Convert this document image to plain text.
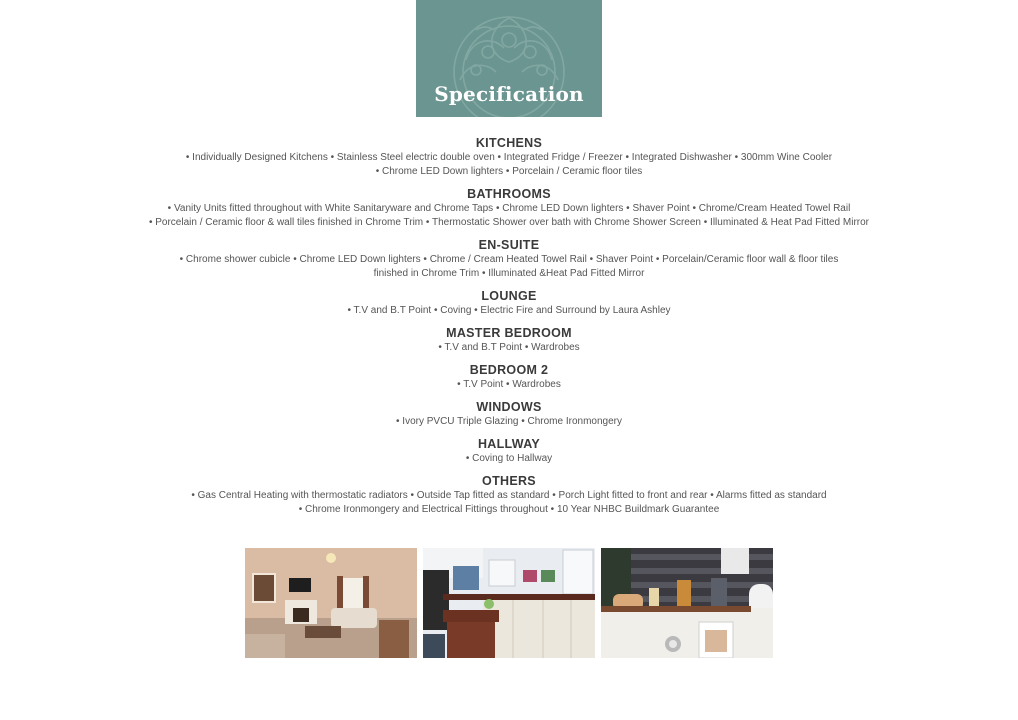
Specification
KITCHENS
• Individually Designed Kitchens • Stainless Steel electric double oven • Integrated Fridge / Freezer • Integrated Dishwasher • 300mm Wine Cooler
• Chrome LED Down lighters • Porcelain / Ceramic floor tiles
BATHROOMS
• Vanity Units fitted throughout with White Sanitaryware and Chrome Taps • Chrome LED Down lighters • Shaver Point • Chrome/Cream Heated Towel Rail
• Porcelain / Ceramic floor & wall tiles finished in Chrome Trim • Thermostatic Shower over bath with Chrome Shower Screen • Illuminated & Heat Pad Fitted Mirror
EN-SUITE
• Chrome shower cubicle • Chrome LED Down lighters • Chrome / Cream Heated Towel Rail • Shaver Point • Porcelain/Ceramic floor wall & floor tiles
finished in Chrome Trim • Illuminated &Heat Pad Fitted Mirror
LOUNGE
• T.V and B.T Point • Coving • Electric Fire and Surround by Laura Ashley
MASTER BEDROOM
• T.V and B.T Point • Wardrobes
BEDROOM 2
• T.V Point • Wardrobes
WINDOWS
• Ivory PVCU Triple Glazing • Chrome Ironmongery
HALLWAY
• Coving to Hallway
OTHERS
• Gas Central Heating with thermostatic radiators • Outside Tap fitted as standard • Porch Light fitted to front and rear • Alarms fitted as standard
• Chrome Ironmongery and Electrical Fittings throughout • 10 Year NHBC Buildmark Guarantee
